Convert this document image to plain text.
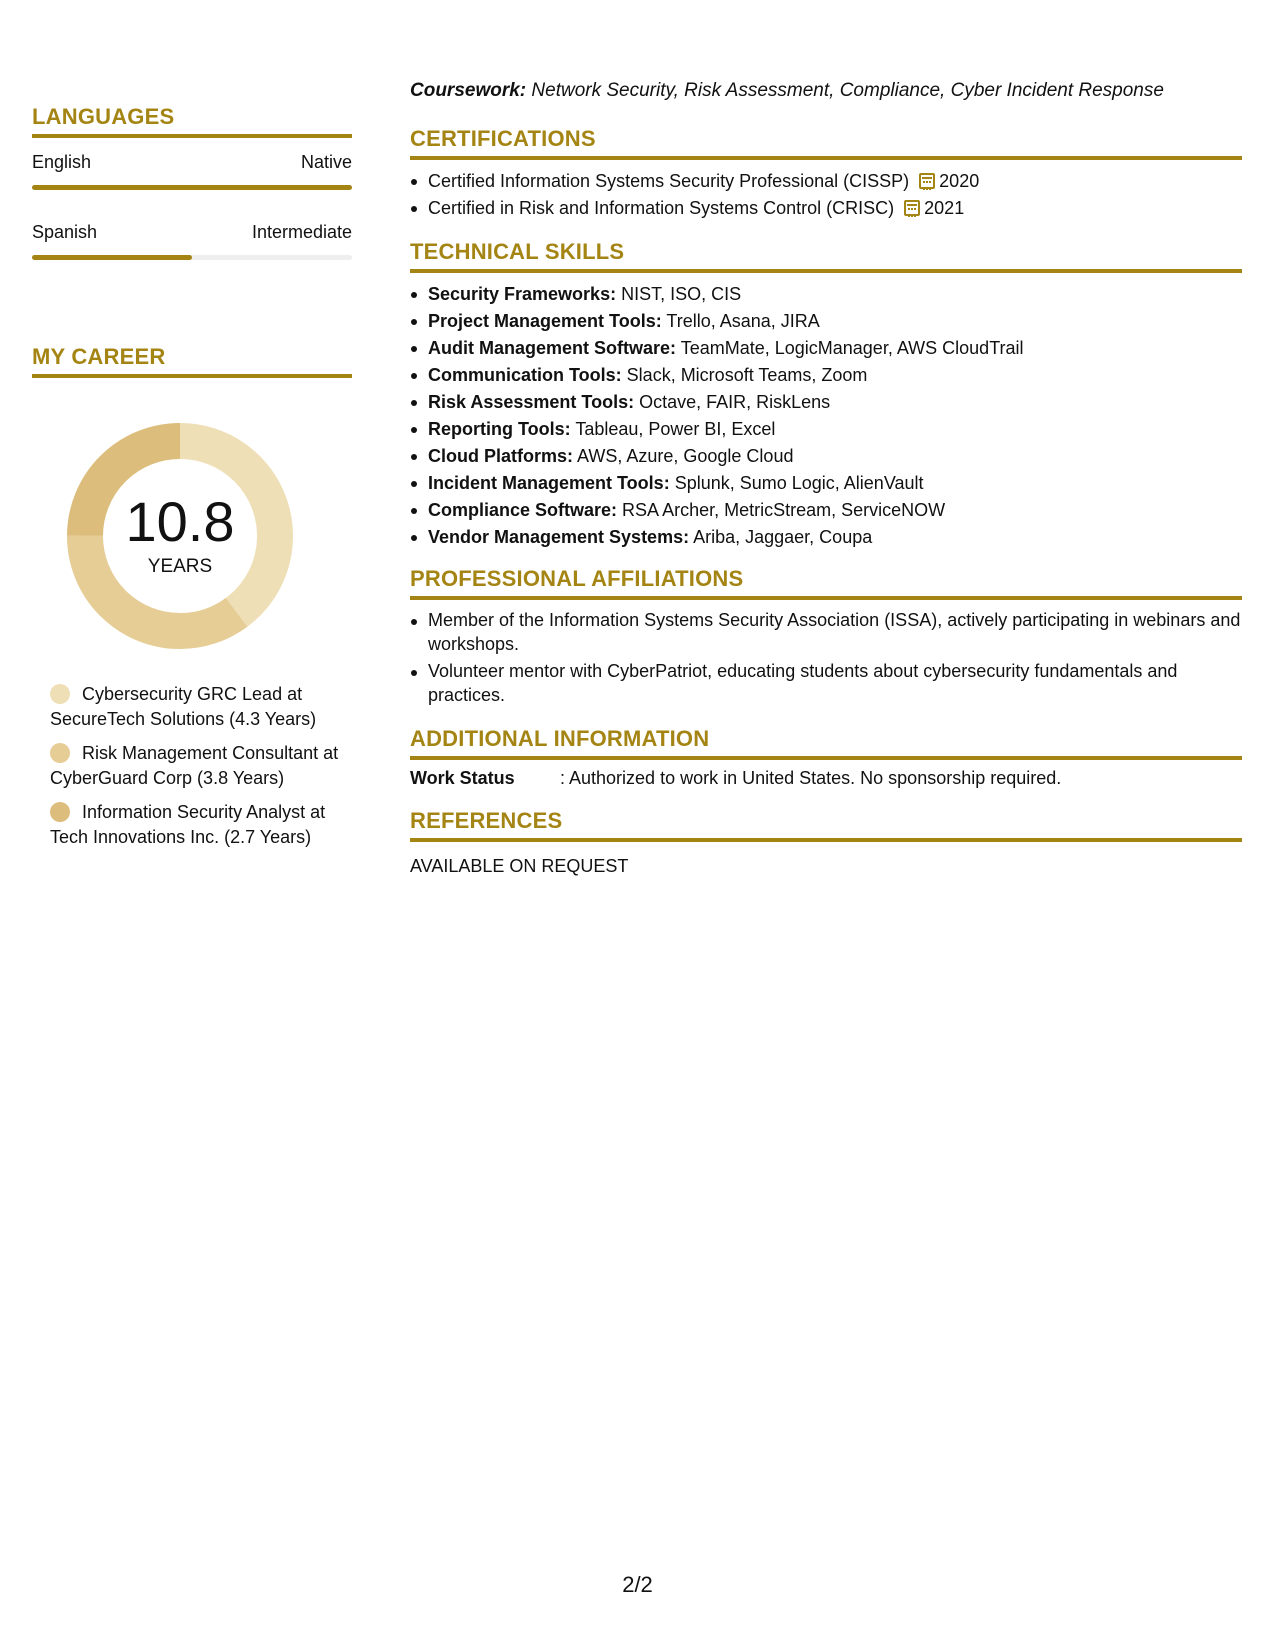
LANGUAGES
English	Native
Spanish	Intermediate
MY CAREER
10.8
YEARS
Cybersecurity GRC Lead at SecureTech Solutions (4.3 Years)
Risk Management Consultant at CyberGuard Corp (3.8 Years)
Information Security Analyst at Tech Innovations Inc. (2.7 Years)
Coursework: Network Security, Risk Assessment, Compliance, Cyber Incident Response
CERTIFICATIONS
Certified Information Systems Security Professional (CISSP) 2020
Certified in Risk and Information Systems Control (CRISC) 2021
TECHNICAL SKILLS
Security Frameworks: NIST, ISO, CIS
Project Management Tools: Trello, Asana, JIRA
Audit Management Software: TeamMate, LogicManager, AWS CloudTrail
Communication Tools: Slack, Microsoft Teams, Zoom
Risk Assessment Tools: Octave, FAIR, RiskLens
Reporting Tools: Tableau, Power BI, Excel
Cloud Platforms: AWS, Azure, Google Cloud
Incident Management Tools: Splunk, Sumo Logic, AlienVault
Compliance Software: RSA Archer, MetricStream, ServiceNOW
Vendor Management Systems: Ariba, Jaggaer, Coupa
PROFESSIONAL AFFILIATIONS
Member of the Information Systems Security Association (ISSA), actively participating in webinars and workshops.
Volunteer mentor with CyberPatriot, educating students about cybersecurity fundamentals and practices.
ADDITIONAL INFORMATION
Work Status	: Authorized to work in United States. No sponsorship required.
REFERENCES
AVAILABLE ON REQUEST
2/2
